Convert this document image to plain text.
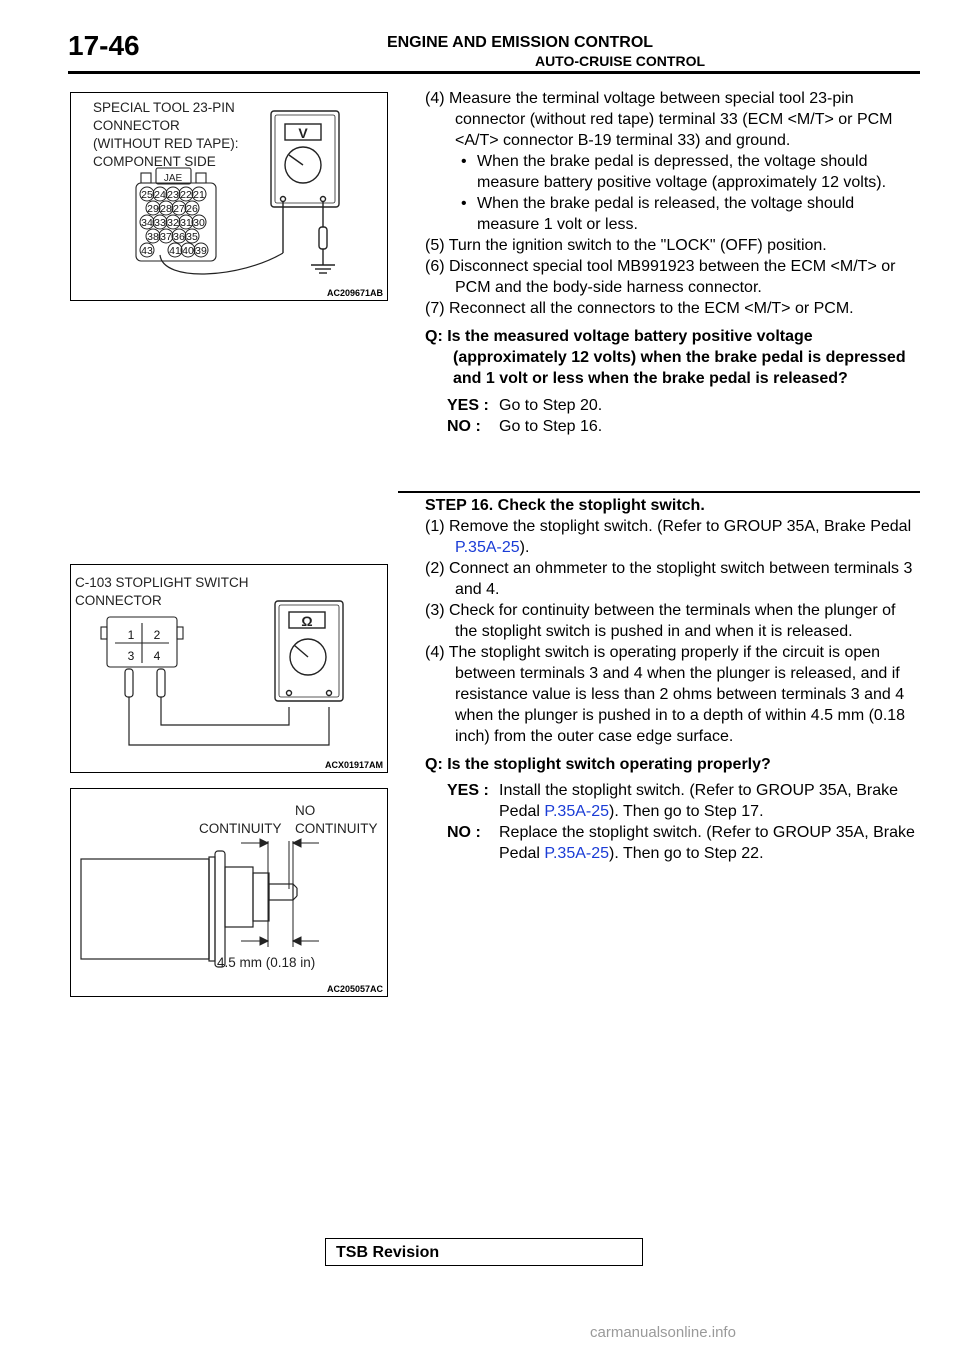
17-46	ENGINE AND EMISSION CONTROL
AUTO-CRUISE CONTROL
SPECIAL TOOL 23-PIN
CONNECTOR
(WITHOUT RED TAPE):
COMPONENT SIDE
JAE
25 24 23 22 21
29 28 27 26
34 33 32 31 30
38 37 36 35
43 41 40 39
V
AC209671AB
C-103 STOPLIGHT SWITCH
CONNECTOR
1 2
3 4
Ω
ACX01917AM
CONTINUITY
NO
CONTINUITY
4.5 mm (0.18 in)
AC205057AC
(4) Measure the terminal voltage between special tool 23-pin connector (without red tape) terminal 33 (ECM <M/T> or PCM <A/T> connector B-19 terminal 33) and ground.
• When the brake pedal is depressed, the voltage should measure battery positive voltage (approximately 12 volts).
• When the brake pedal is released, the voltage should measure 1 volt or less.
(5) Turn the ignition switch to the "LOCK" (OFF) position.
(6) Disconnect special tool MB991923 between the ECM <M/T> or PCM and the body-side harness connector.
(7) Reconnect all the connectors to the ECM <M/T> or PCM.
Q: Is the measured voltage battery positive voltage (approximately 12 volts) when the brake pedal is depressed and 1 volt or less when the brake pedal is released?
YES : Go to Step 20.
NO :	Go to Step 16.
STEP 16. Check the stoplight switch.
(1) Remove the stoplight switch. (Refer to GROUP 35A, Brake Pedal P.35A-25).
(2) Connect an ohmmeter to the stoplight switch between terminals 3 and 4.
(3) Check for continuity between the terminals when the plunger of the stoplight switch is pushed in and when it is released.
(4) The stoplight switch is operating properly if the circuit is open between terminals 3 and 4 when the plunger is released, and if resistance value is less than 2 ohms between terminals 3 and 4 when the plunger is pushed in to a depth of within 4.5 mm (0.18 inch) from the outer case edge surface.
Q: Is the stoplight switch operating properly?
YES : Install the stoplight switch. (Refer to GROUP 35A, Brake Pedal P.35A-25). Then go to Step 17.
NO :	Replace the stoplight switch. (Refer to GROUP 35A, Brake Pedal P.35A-25). Then go to Step 22.
TSB Revision
carmanualsonline.info
